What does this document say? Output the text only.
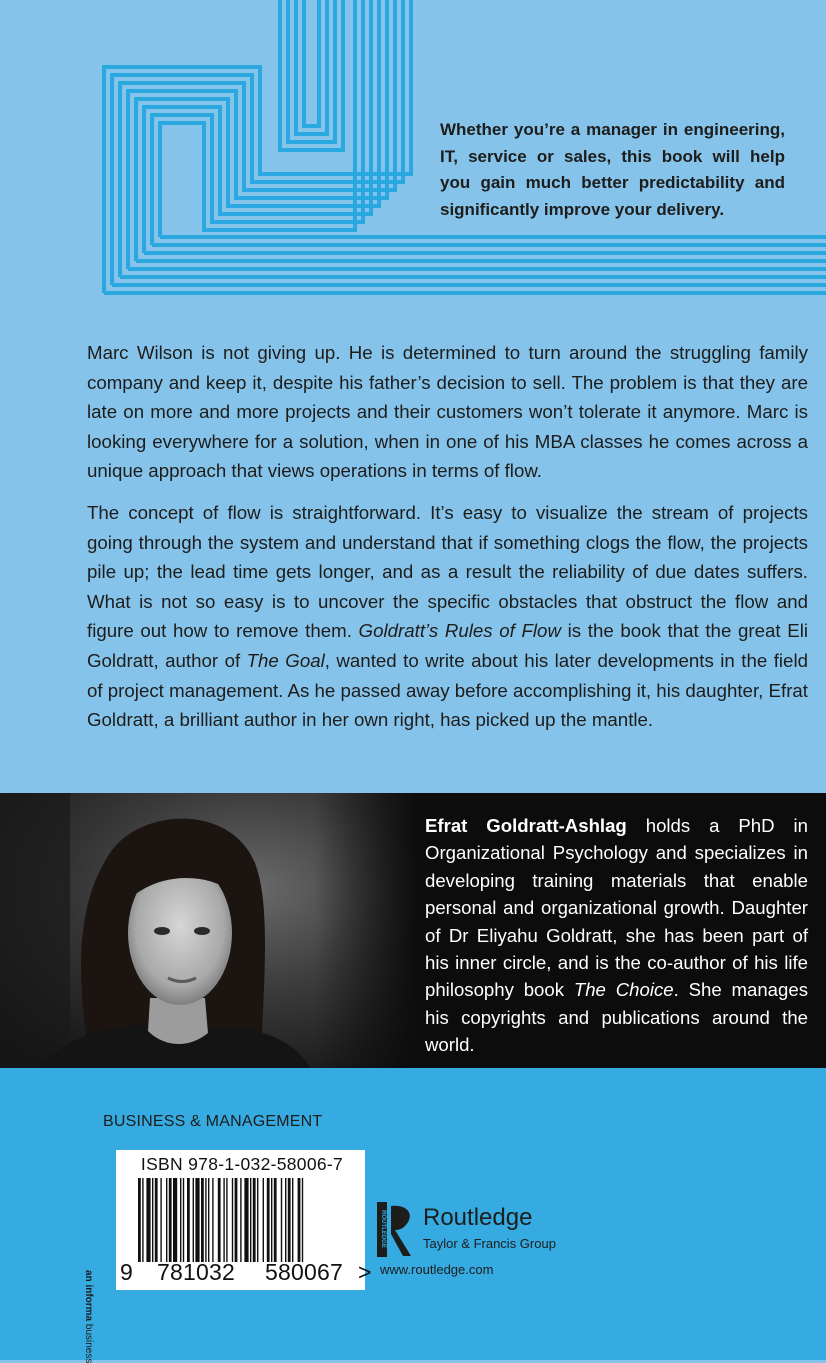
Whether you’re a manager in engineering,
IT, service or sales, this book will help
you gain much better predictability and
significantly improve your delivery.

Marc Wilson is not giving up. He is determined to turn around the struggling family company and keep it, despite his father’s decision to sell. The problem is that they are late on more and more projects and their customers won’t tolerate it anymore. Marc is looking everywhere for a solution, when in one of his MBA classes he comes across a unique approach that views operations in terms of flow.

The concept of flow is straightforward. It’s easy to visualize the stream of projects going through the system and understand that if something clogs the flow, the projects pile up; the lead time gets longer, and as a result the reliability of due dates suffers. What is not so easy is to uncover the specific obstacles that obstruct the flow and figure out how to remove them. Goldratt’s Rules of Flow is the book that the great Eli Goldratt, author of The Goal, wanted to write about his later developments in the field of project management. As he passed away before accomplishing it, his daughter, Efrat Goldratt, a brilliant author in her own right, has picked up the mantle.

Efrat Goldratt-Ashlag holds a PhD in Organizational Psychology and specializes in developing training materials that enable personal and organizational growth. Daughter of Dr Eliyahu Goldratt, she has been part of his inner circle, and is the co-author of his life philosophy book The Choice. She manages his copyrights and publications around the world.
BUSINESS & MANAGEMENT
an informa business
ISBN 978-1-032-58006-7
9 781032 580067 >
ROUTLEDGE Routledge
Taylor & Francis Group
www.routledge.com
